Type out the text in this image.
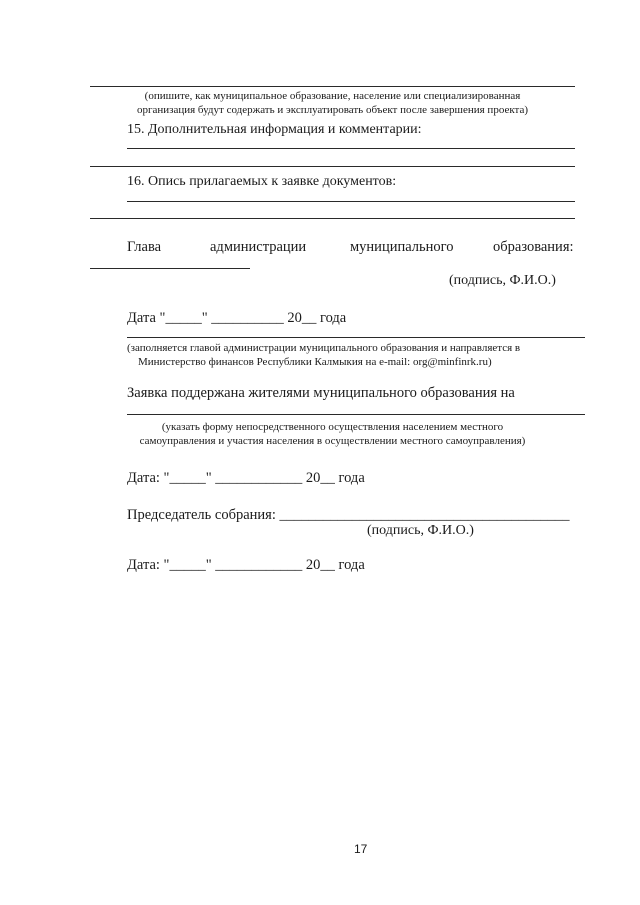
(опишите, как муниципальное образование, население или специализированная
организация будут содержать и эксплуатировать объект после завершения проекта)
15. Дополнительная информация и комментарии:
16. Опись прилагаемых к заявке документов:
Глава	администрации	муниципального	образования:
(подпись, Ф.И.О.)
Дата "_____" __________ 20__ года
(заполняется главой администрации муниципального образования и направляется в
Министерство финансов Республики Калмыкия на e-mail: org@minfinrk.ru)
Заявка поддержана жителями муниципального образования на
(указать форму непосредственного осуществления населением местного
самоуправления и участия населения в осуществлении местного самоуправления)
Дата: "_____" ____________ 20__ года
Председатель собрания: ________________________________________
(подпись, Ф.И.О.)
Дата: "_____" ____________ 20__ года
17
